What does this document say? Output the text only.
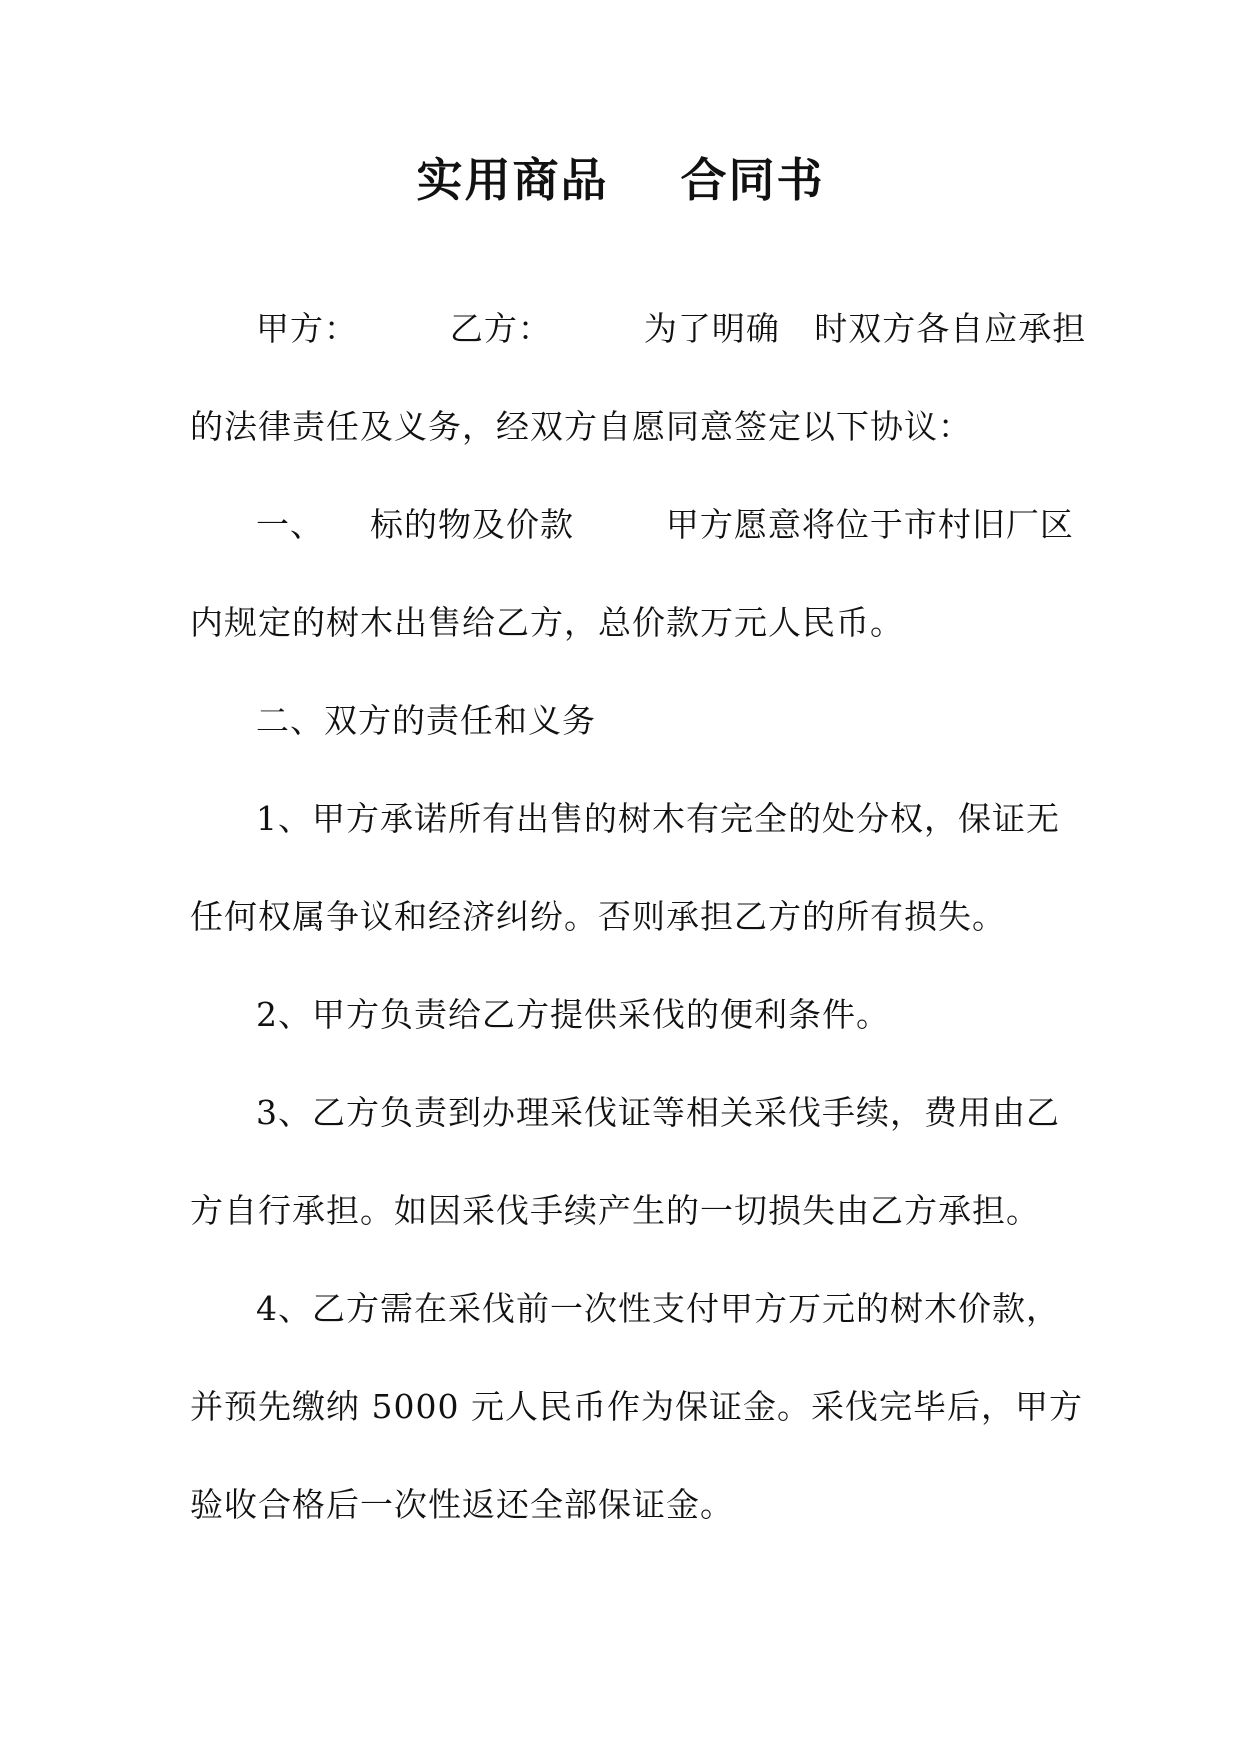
实用商品    合同书
甲方：        乙方：        为了明确   时双方各自应承担
的法律责任及义务，经双方自愿同意签定以下协议：
一、    标的物及价款        甲方愿意将位于市村旧厂区
内规定的树木出售给乙方，总价款万元人民币。
二、双方的责任和义务
1、甲方承诺所有出售的树木有完全的处分权，保证无
任何权属争议和经济纠纷。否则承担乙方的所有损失。
2、甲方负责给乙方提供采伐的便利条件。
3、乙方负责到办理采伐证等相关采伐手续，费用由乙
方自行承担。如因采伐手续产生的一切损失由乙方承担。
4、乙方需在采伐前一次性支付甲方万元的树木价款，
并预先缴纳 5000 元人民币作为保证金。采伐完毕后，甲方
验收合格后一次性返还全部保证金。
